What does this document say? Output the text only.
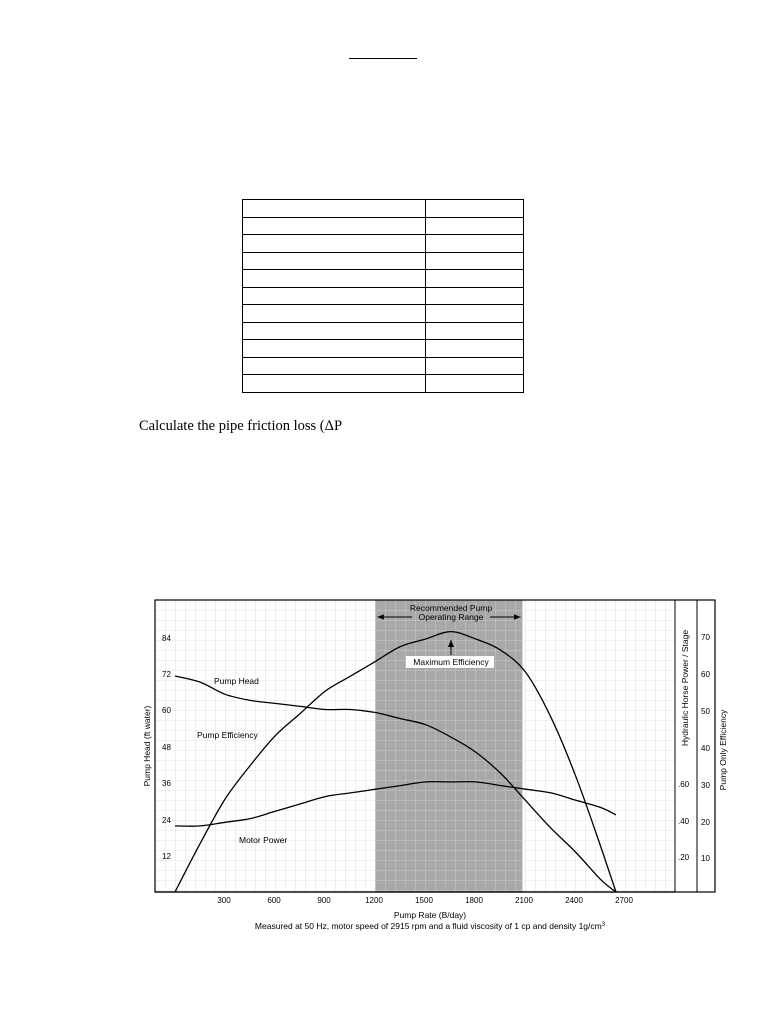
Calculate the pipe friction loss (ΔP
Recommended Pump
Operating Range
Pump Head (ft water)	Hydraulic Horse Power / Stage
Pump Only Efficiency
Pump Rate (B/day)
Measured at 50 Hz, motor speed of 2915 rpm and a fluid viscosity of 1 cp and density $1g/cm^3$
300	600	900	1200	1500	1800	2100	2400	2700
12
24
36
48
60
72
84
.20
.40
.60
10
20
30
40
50
60
70
Maximum Efficiency
Pump Head
Pump Efficiency
Motor Power
